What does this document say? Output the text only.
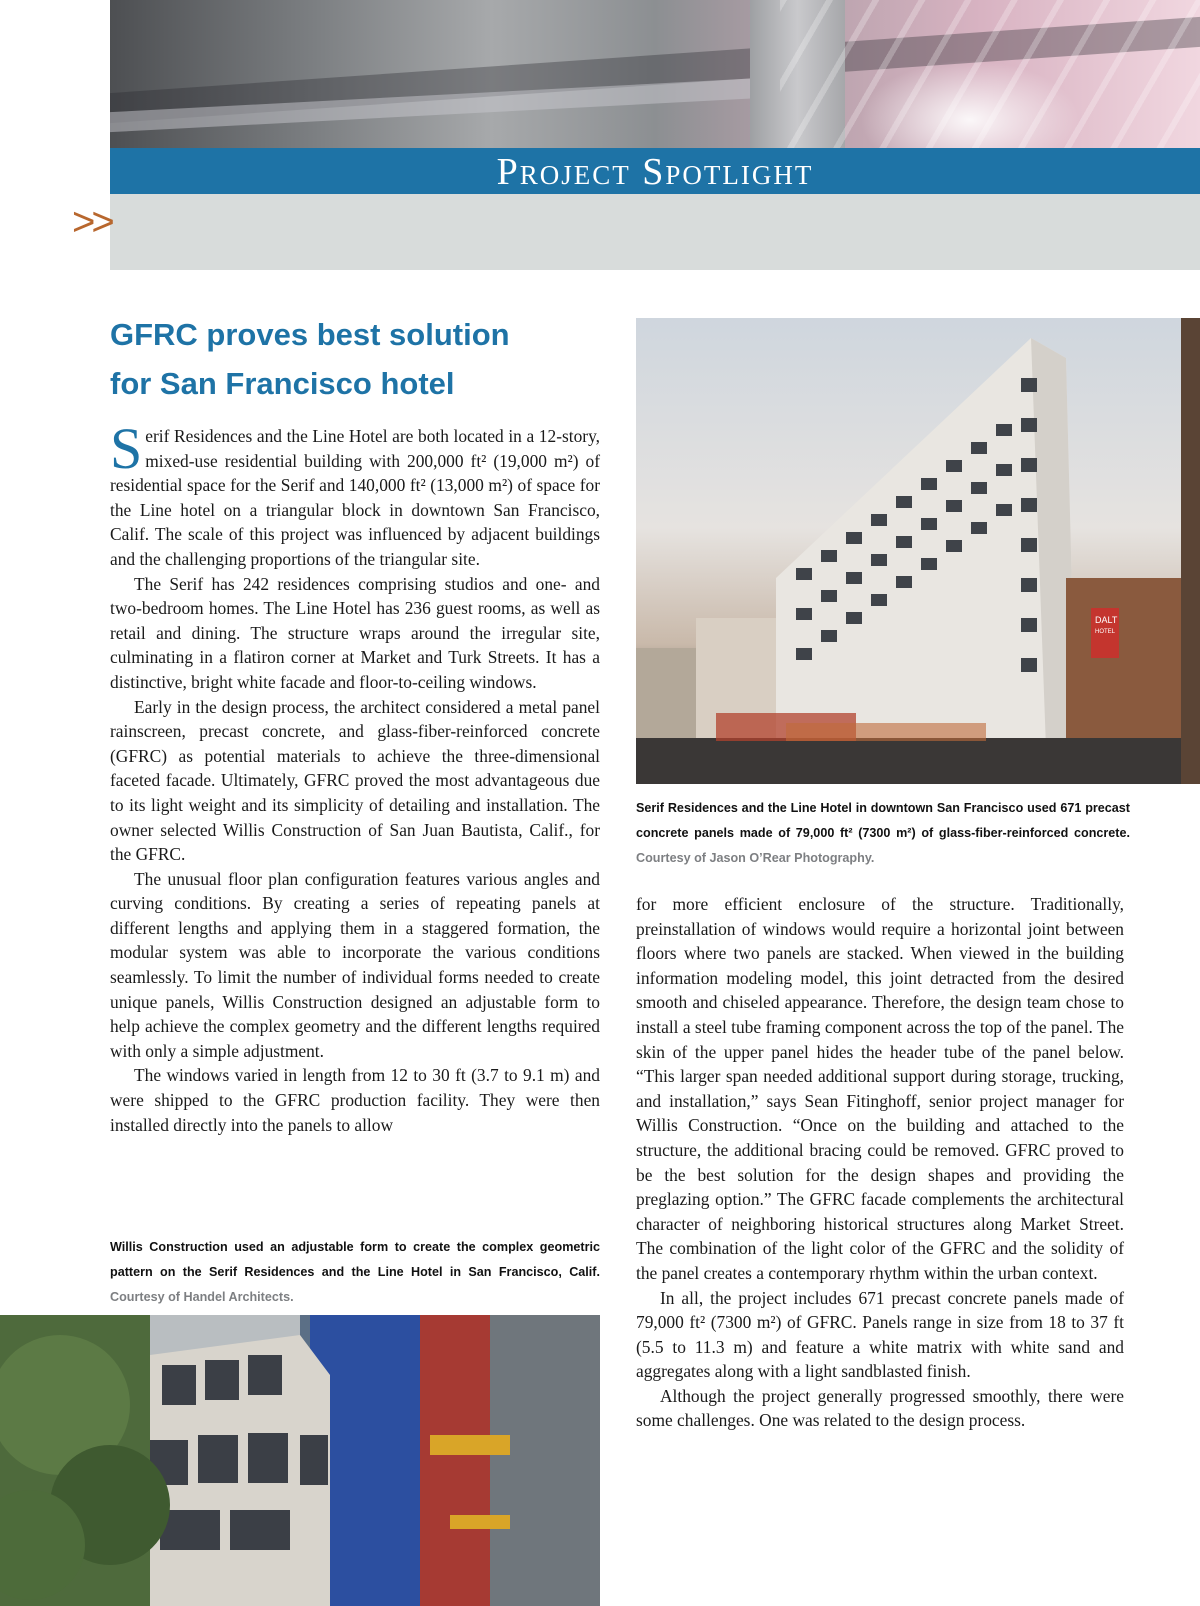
Project Spotlight
>>
GFRC proves best solution
for San Francisco hotel

Serif Residences and the Line Hotel are both located in a 12-story, mixed-use residential building with 200,000 ft² (19,000 m²) of residential space for the Serif and 140,000 ft² (13,000 m²) of space for the Line hotel on a triangular block in downtown San Francisco, Calif. The scale of this project was influenced by adjacent buildings and the challenging proportions of the triangular site.

The Serif has 242 residences comprising studios and one- and two-bedroom homes. The Line Hotel has 236 guest rooms, as well as retail and dining. The structure wraps around the irregular site, culminating in a flatiron corner at Market and Turk Streets. It has a distinctive, bright white facade and floor-to-ceiling windows.

Early in the design process, the architect considered a metal panel rainscreen, precast concrete, and glass-fiber-reinforced concrete (GFRC) as potential materials to achieve the three-dimensional faceted facade. Ultimately, GFRC proved the most advantageous due to its light weight and its simplicity of detailing and installation. The owner selected Willis Construction of San Juan Bautista, Calif., for the GFRC.

The unusual floor plan configuration features various angles and curving conditions. By creating a series of repeating panels at different lengths and applying them in a staggered formation, the modular system was able to incorporate the various conditions seamlessly. To limit the number of individual forms needed to create unique panels, Willis Construction designed an adjustable form to help achieve the complex geometry and the different lengths required with only a simple adjustment.

The windows varied in length from 12 to 30 ft (3.7 to 9.1 m) and were shipped to the GFRC production facility. They were then installed directly into the panels to allow

DALT
HOTEL
Serif Residences and the Line Hotel in downtown San Francisco used 671 precast concrete panels made of 79,000 ft² (7300 m²) of glass-fiber-reinforced concrete. Courtesy of Jason O’Rear Photography.

for more efficient enclosure of the structure. Traditionally, preinstallation of windows would require a horizontal joint between floors where two panels are stacked. When viewed in the building information modeling model, this joint detracted from the desired smooth and chiseled appearance. Therefore, the design team chose to install a steel tube framing component across the top of the panel. The skin of the upper panel hides the header tube of the panel below. “This larger span needed additional support during storage, trucking, and installation,” says Sean Fitinghoff, senior project manager for Willis Construction. “Once on the building and attached to the structure, the additional bracing could be removed. GFRC proved to be the best solution for the design shapes and providing the preglazing option.” The GFRC facade complements the architectural character of neighboring historical structures along Market Street. The combination of the light color of the GFRC and the solidity of the panel creates a contemporary rhythm within the urban context.

In all, the project includes 671 precast concrete panels made of 79,000 ft² (7300 m²) of GFRC. Panels range in size from 18 to 37 ft (5.5 to 11.3 m) and feature a white matrix with white sand and aggregates along with a light sandblasted finish.

Although the project generally progressed smoothly, there were some challenges. One was related to the design process.

Willis Construction used an adjustable form to create the complex geometric pattern on the Serif Residences and the Line Hotel in San Francisco, Calif. Courtesy of Handel Architects.
